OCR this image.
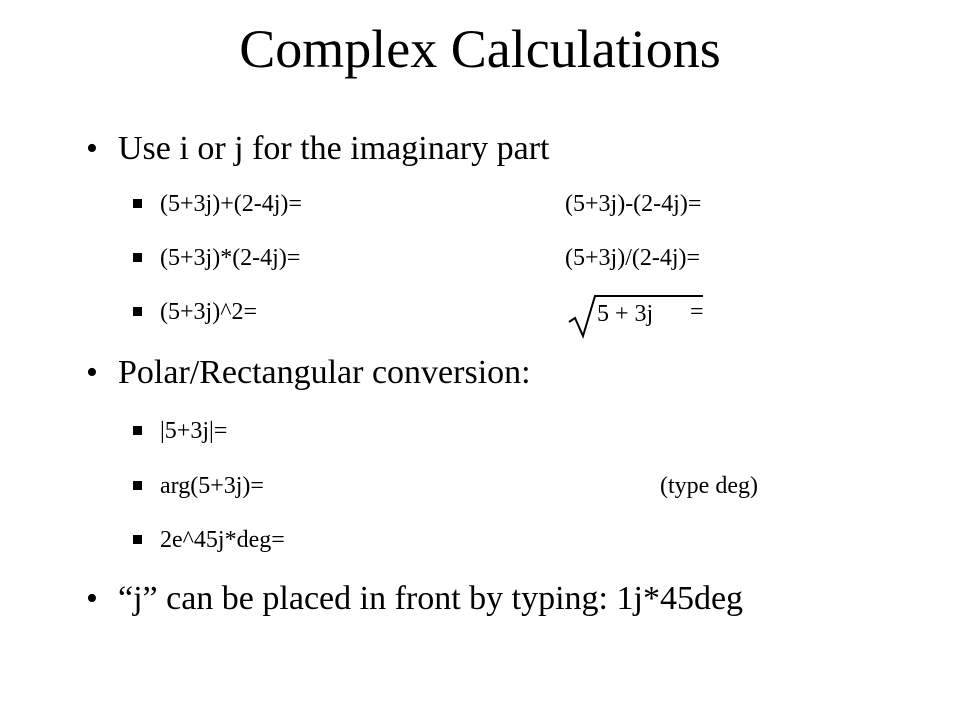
Complex Calculations
• Use i or j for the imaginary part
(5+3j)+(2-4j)=	(5+3j)-(2-4j)=
(5+3j)*(2-4j)=	(5+3j)/(2-4j)=
(5+3j)^2=	5 + 3j =
• Polar/Rectangular conversion:
|5+3j|=
arg(5+3j)=	(type deg)
2e^45j*deg=
• “j” can be placed in front by typing: 1j*45deg
